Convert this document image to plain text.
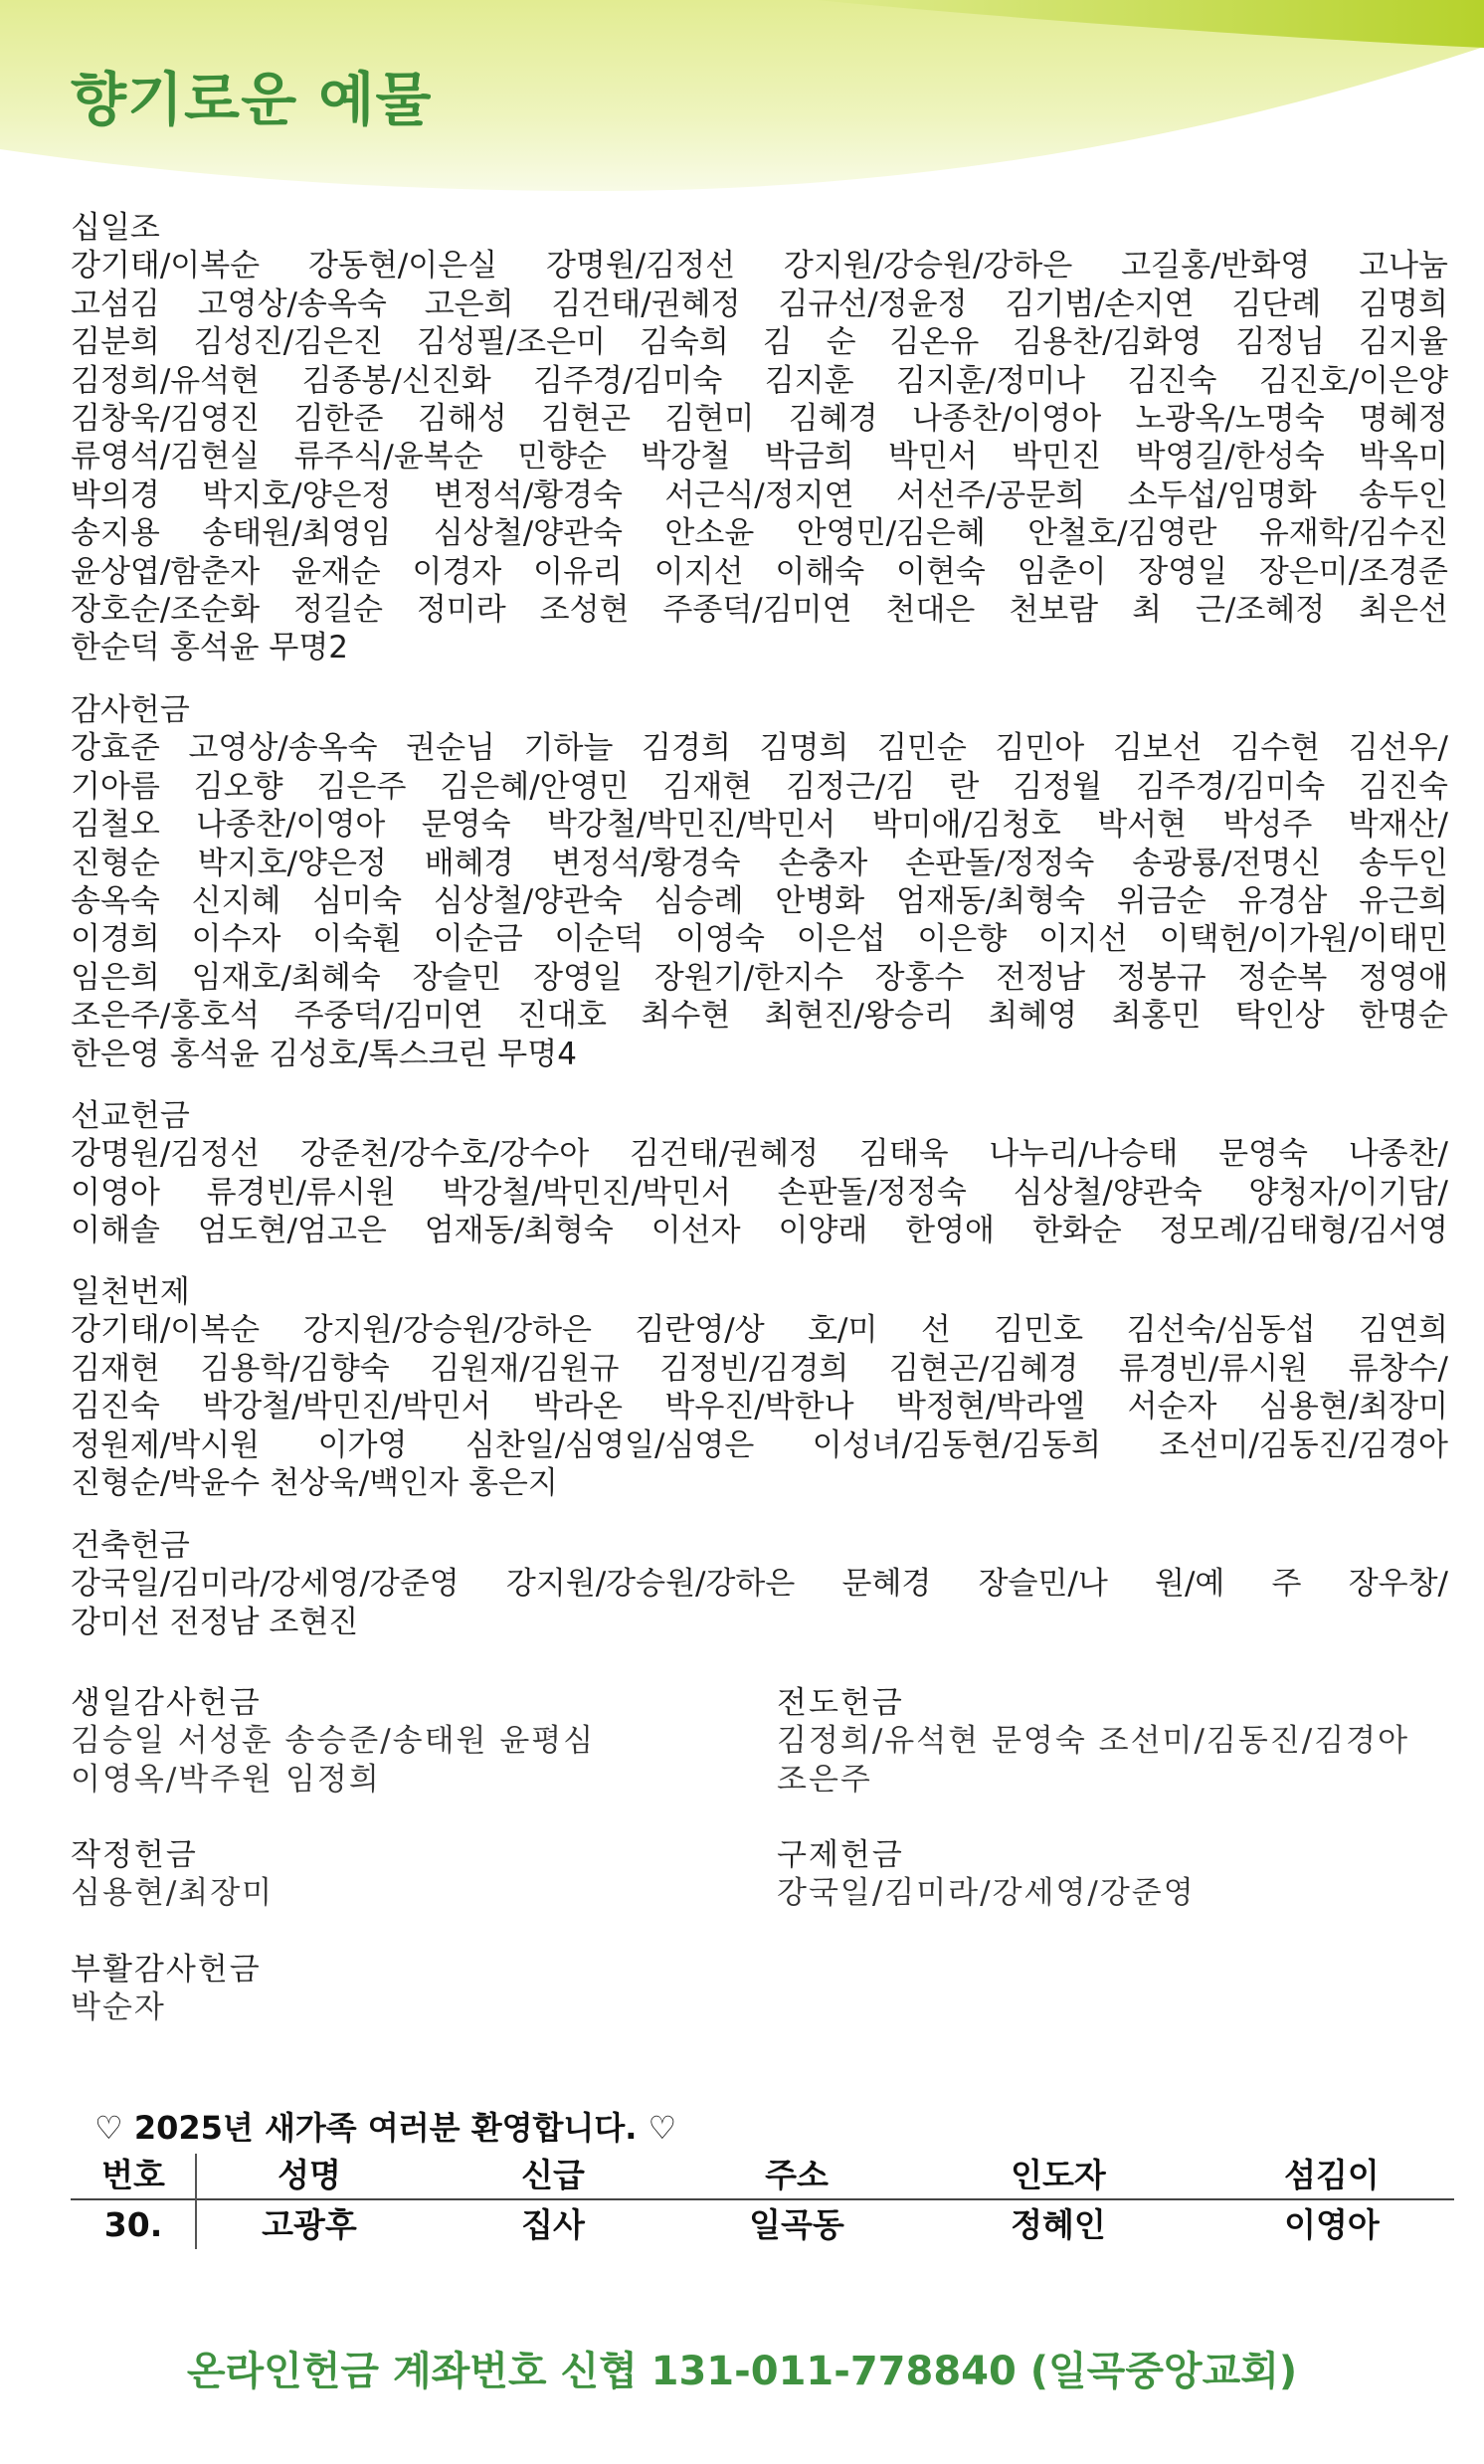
향기로운 예물
십일조
강기태/이복순 강동현/이은실 강명원/김정선 강지원/강승원/강하은 고길홍/반화영 고나눔
고섬김 고영상/송옥숙 고은희 김건태/권혜정 김규선/정윤정 김기범/손지연 김단례 김명희
김분희 김성진/김은진 김성필/조은미 김숙희 김 순 김온유 김용찬/김화영 김정님 김지율
김정희/유석현 김종봉/신진화 김주경/김미숙 김지훈 김지훈/정미나 김진숙 김진호/이은양
김창욱/김영진 김한준 김해성 김현곤 김현미 김혜경 나종찬/이영아 노광옥/노명숙 명혜정
류영석/김현실 류주식/윤복순 민향순 박강철 박금희 박민서 박민진 박영길/한성숙 박옥미
박의경 박지호/양은정 변정석/황경숙 서근식/정지연 서선주/공문희 소두섭/임명화 송두인
송지용 송태원/최영임 심상철/양관숙 안소윤 안영민/김은혜 안철호/김영란 유재학/김수진
윤상엽/함춘자 윤재순 이경자 이유리 이지선 이해숙 이현숙 임춘이 장영일 장은미/조경준
장호순/조순화 정길순 정미라 조성현 주종덕/김미연 천대은 천보람 최 근/조혜정 최은선
한순덕 홍석윤 무명2
감사헌금
강효준 고영상/송옥숙 권순님 기하늘 김경희 김명희 김민순 김민아 김보선 김수현 김선우/
기아름 김오향 김은주 김은혜/안영민 김재현 김정근/김 란 김정월 김주경/김미숙 김진숙
김철오 나종찬/이영아 문영숙 박강철/박민진/박민서 박미애/김청호 박서현 박성주 박재산/
진형순 박지호/양은정 배혜경 변정석/황경숙 손충자 손판돌/정정숙 송광룡/전명신 송두인
송옥숙 신지혜 심미숙 심상철/양관숙 심승례 안병화 엄재동/최형숙 위금순 유경삼 유근희
이경희 이수자 이숙훤 이순금 이순덕 이영숙 이은섭 이은향 이지선 이택헌/이가원/이태민
임은희 임재호/최혜숙 장슬민 장영일 장원기/한지수 장홍수 전정남 정봉규 정순복 정영애
조은주/홍호석 주중덕/김미연 진대호 최수현 최현진/왕승리 최혜영 최홍민 탁인상 한명순
한은영 홍석윤 김성호/톡스크린 무명4
선교헌금
강명원/김정선 강준천/강수호/강수아 김건태/권혜정 김태욱 나누리/나승태 문영숙 나종찬/
이영아 류경빈/류시원 박강철/박민진/박민서 손판돌/정정숙 심상철/양관숙 양청자/이기담/
이해솔 엄도현/엄고은 엄재동/최형숙 이선자 이양래 한영애 한화순 정모례/김태형/김서영
일천번제
강기태/이복순 강지원/강승원/강하은 김란영/상 호/미 선 김민호 김선숙/심동섭 김연희
김재현 김용학/김향숙 김원재/김원규 김정빈/김경희 김현곤/김혜경 류경빈/류시원 류창수/
김진숙 박강철/박민진/박민서 박라온 박우진/박한나 박정현/박라엘 서순자 심용현/최장미
정원제/박시원 이가영 심찬일/심영일/심영은 이성녀/김동현/김동희 조선미/김동진/김경아
진형순/박윤수 천상욱/백인자 홍은지
건축헌금
강국일/김미라/강세영/강준영 강지원/강승원/강하은 문혜경 장슬민/나 원/예 주 장우창/
강미선 전정남 조현진
생일감사헌금
김승일 서성훈 송승준/송태원 윤평심
이영옥/박주원 임정희
전도헌금
김정희/유석현 문영숙 조선미/김동진/김경아
조은주
작정헌금
심용현/최장미
구제헌금
강국일/김미라/강세영/강준영
부활감사헌금
박순자
♡ 2025년 새가족 여러분 환영합니다. ♡
번호	성명	신급	주소	인도자	섬김이
30.	고광후	집사	일곡동	정혜인	이영아
온라인헌금 계좌번호 신협 131-011-778840 (일곡중앙교회)
